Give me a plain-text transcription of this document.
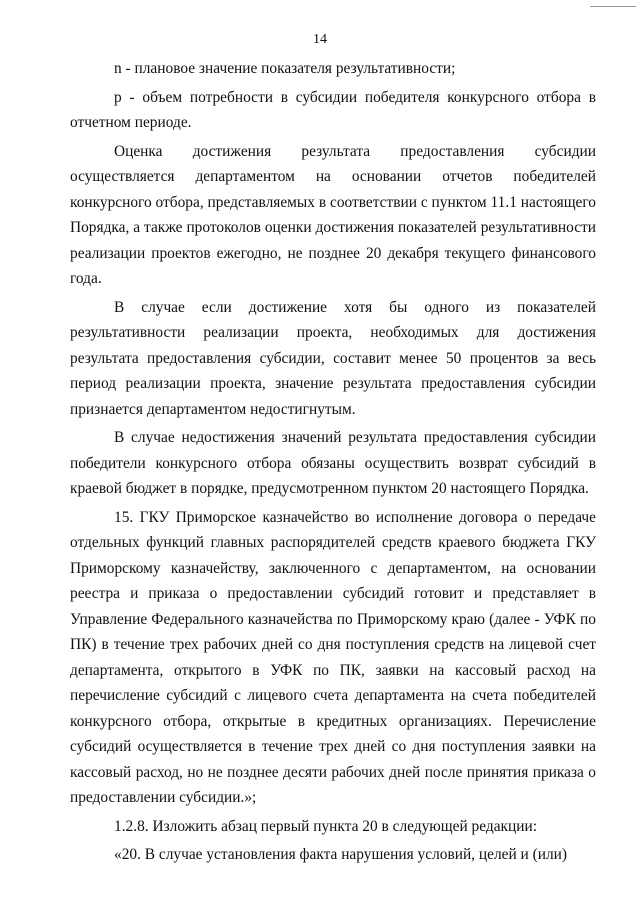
14

n - плановое значение показателя результативности;

p - объем потребности в субсидии победителя конкурсного отбора в отчетном периоде.

Оценка достижения результата предоставления субсидии осуществляется департаментом на основании отчетов победителей конкурсного отбора, представляемых в соответствии с пунктом 11.1 настоящего Порядка, а также протоколов оценки достижения показателей результативности реализации проектов ежегодно, не позднее 20 декабря текущего финансового года.

В случае если достижение хотя бы одного из показателей результативности реализации проекта, необходимых для достижения результата предоставления субсидии, составит менее 50 процентов за весь период реализации проекта, значение результата предоставления субсидии признается департаментом недостигнутым.

В случае недостижения значений результата предоставления субсидии победители конкурсного отбора обязаны осуществить возврат субсидий в краевой бюджет в порядке, предусмотренном пунктом 20 настоящего Порядка.

15. ГКУ Приморское казначейство во исполнение договора о передаче отдельных функций главных распорядителей средств краевого бюджета ГКУ Приморскому казначейству, заключенного с департаментом, на основании реестра и приказа о предоставлении субсидий готовит и представляет в Управление Федерального казначейства по Приморскому краю (далее - УФК по ПК) в течение трех рабочих дней со дня поступления средств на лицевой счет департамента, открытого в УФК по ПК, заявки на кассовый расход на перечисление субсидий с лицевого счета департамента на счета победителей конкурсного отбора, открытые в кредитных организациях. Перечисление субсидий осуществляется в течение трех дней со дня поступления заявки на кассовый расход, но не позднее десяти рабочих дней после принятия приказа о предоставлении субсидии.»;

1.2.8. Изложить абзац первый пункта 20 в следующей редакции:

«20. В случае установления факта нарушения условий, целей и (или)
